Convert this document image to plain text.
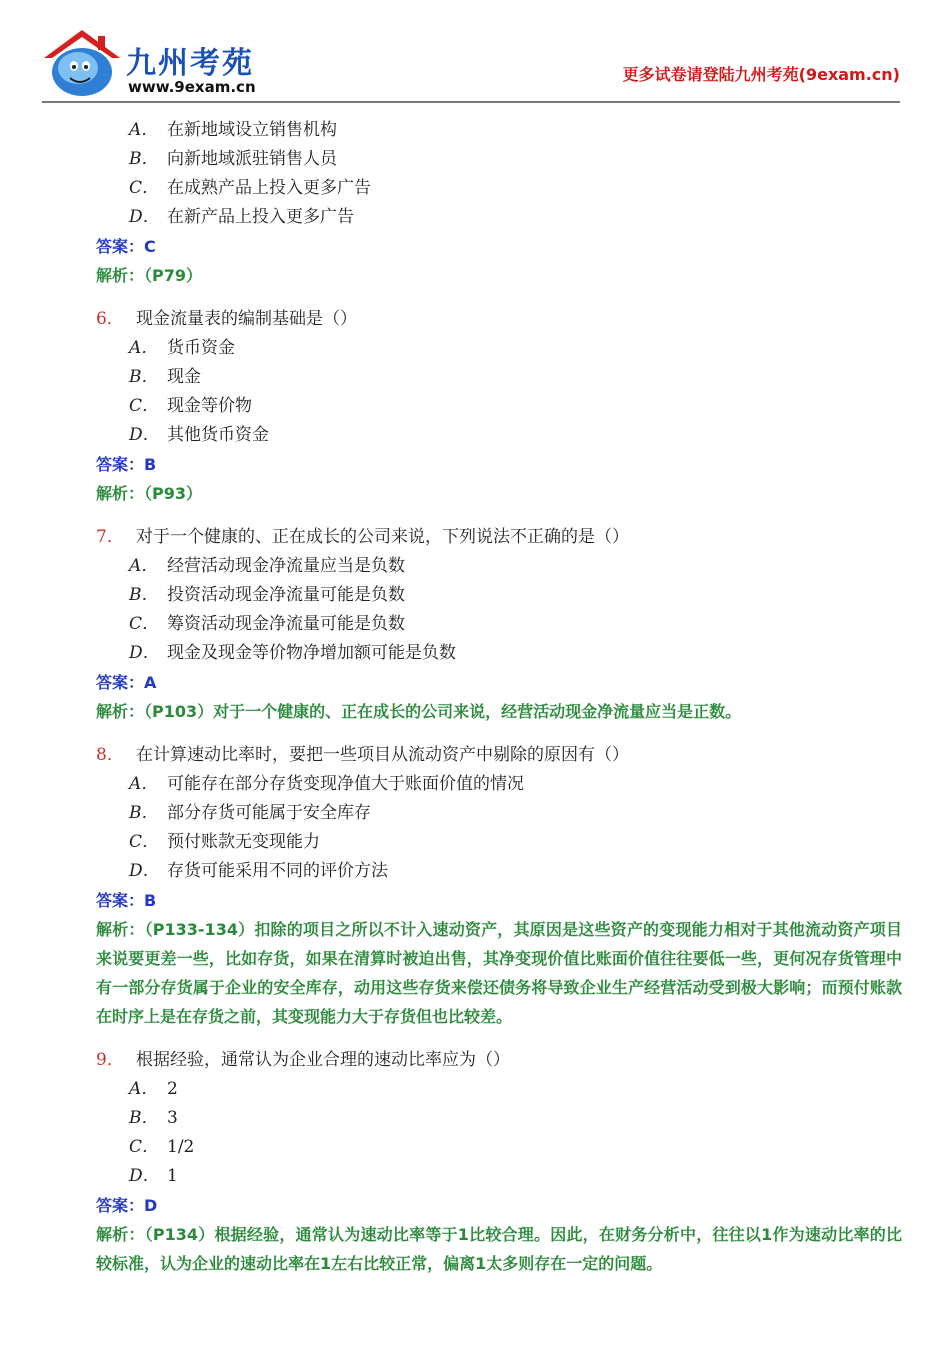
九州考苑
www.9exam.cn
更多试卷请登陆九州考苑(9exam.cn)
A． 在新地域设立销售机构
B． 向新地域派驻销售人员
C． 在成熟产品上投入更多广告
D． 在新产品上投入更多广告
答案：C
解析：（P79）
6． 现金流量表的编制基础是（）
A． 货币资金
B． 现金
C． 现金等价物
D． 其他货币资金
答案：B
解析：（P93）
7． 对于一个健康的、正在成长的公司来说，下列说法不正确的是（）
A． 经营活动现金净流量应当是负数
B． 投资活动现金净流量可能是负数
C． 筹资活动现金净流量可能是负数
D． 现金及现金等价物净增加额可能是负数
答案：A
解析：（P103）对于一个健康的、正在成长的公司来说，经营活动现金净流量应当是正数。
8． 在计算速动比率时，要把一些项目从流动资产中剔除的原因有（）
A． 可能存在部分存货变现净值大于账面价值的情况
B． 部分存货可能属于安全库存
C． 预付账款无变现能力
D． 存货可能采用不同的评价方法
答案：B
解析：（P133-134）扣除的项目之所以不计入速动资产，其原因是这些资产的变现能力相对于其他流动资产项目来说要更差一些，比如存货，如果在清算时被迫出售，其净变现价值比账面价值往往要低一些，更何况存货管理中有一部分存货属于企业的安全库存，动用这些存货来偿还债务将导致企业生产经营活动受到极大影响；而预付账款在时序上是在存货之前，其变现能力大于存货但也比较差。
9． 根据经验，通常认为企业合理的速动比率应为（）
A． 2
B． 3
C． 1/2
D． 1
答案：D
解析：（P134）根据经验，通常认为速动比率等于1比较合理。因此，在财务分析中，往往以1作为速动比率的比较标准，认为企业的速动比率在1左右比较正常，偏离1太多则存在一定的问题。
